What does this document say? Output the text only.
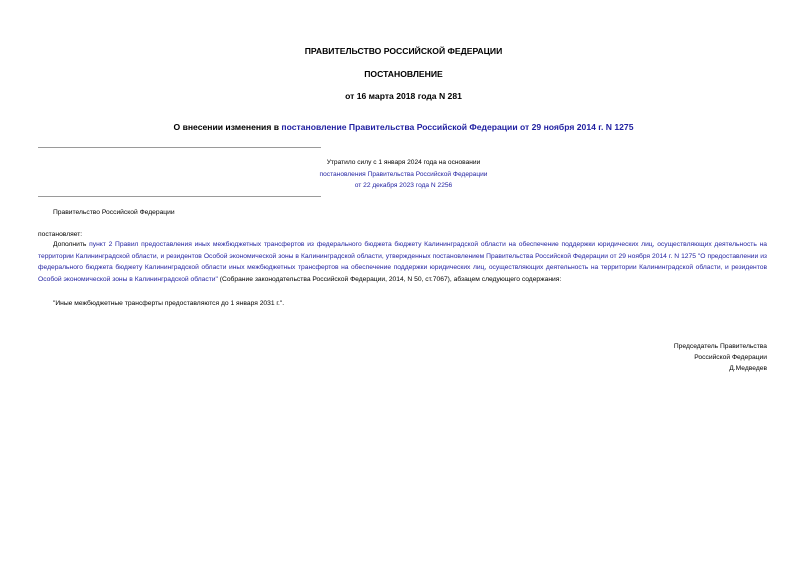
ПРАВИТЕЛЬСТВО РОССИЙСКОЙ ФЕДЕРАЦИИ
ПОСТАНОВЛЕНИЕ
от 16 марта 2018 года N 281
О внесении изменения в постановление Правительства Российской Федерации от 29 ноября 2014 г. N 1275
Утратило силу с 1 января 2024 года на основании
постановления Правительства Российской Федерации
от 22 декабря 2023 года N 2256
Правительство Российской Федерации
постановляет:
Дополнить пункт 2 Правил предоставления иных межбюджетных трансфертов из федерального бюджета бюджету Калининградской области на обеспечение поддержки юридических лиц, осуществляющих деятельность на территории Калининградской области, и резидентов Особой экономической зоны в Калининградской области, утвержденных постановлением Правительства Российской Федерации от 29 ноября 2014 г. N 1275 "О предоставлении из федерального бюджета бюджету Калининградской области иных межбюджетных трансфертов на обеспечение поддержки юридических лиц, осуществляющих деятельность на территории Калининградской области, и резидентов Особой экономической зоны в Калининградской области" (Собрание законодательства Российской Федерации, 2014, N 50, ст.7067), абзацем следующего содержания:
"Иные межбюджетные трансферты предоставляются до 1 января 2031 г.".
Председатель Правительства
Российской Федерации
Д.Медведев
